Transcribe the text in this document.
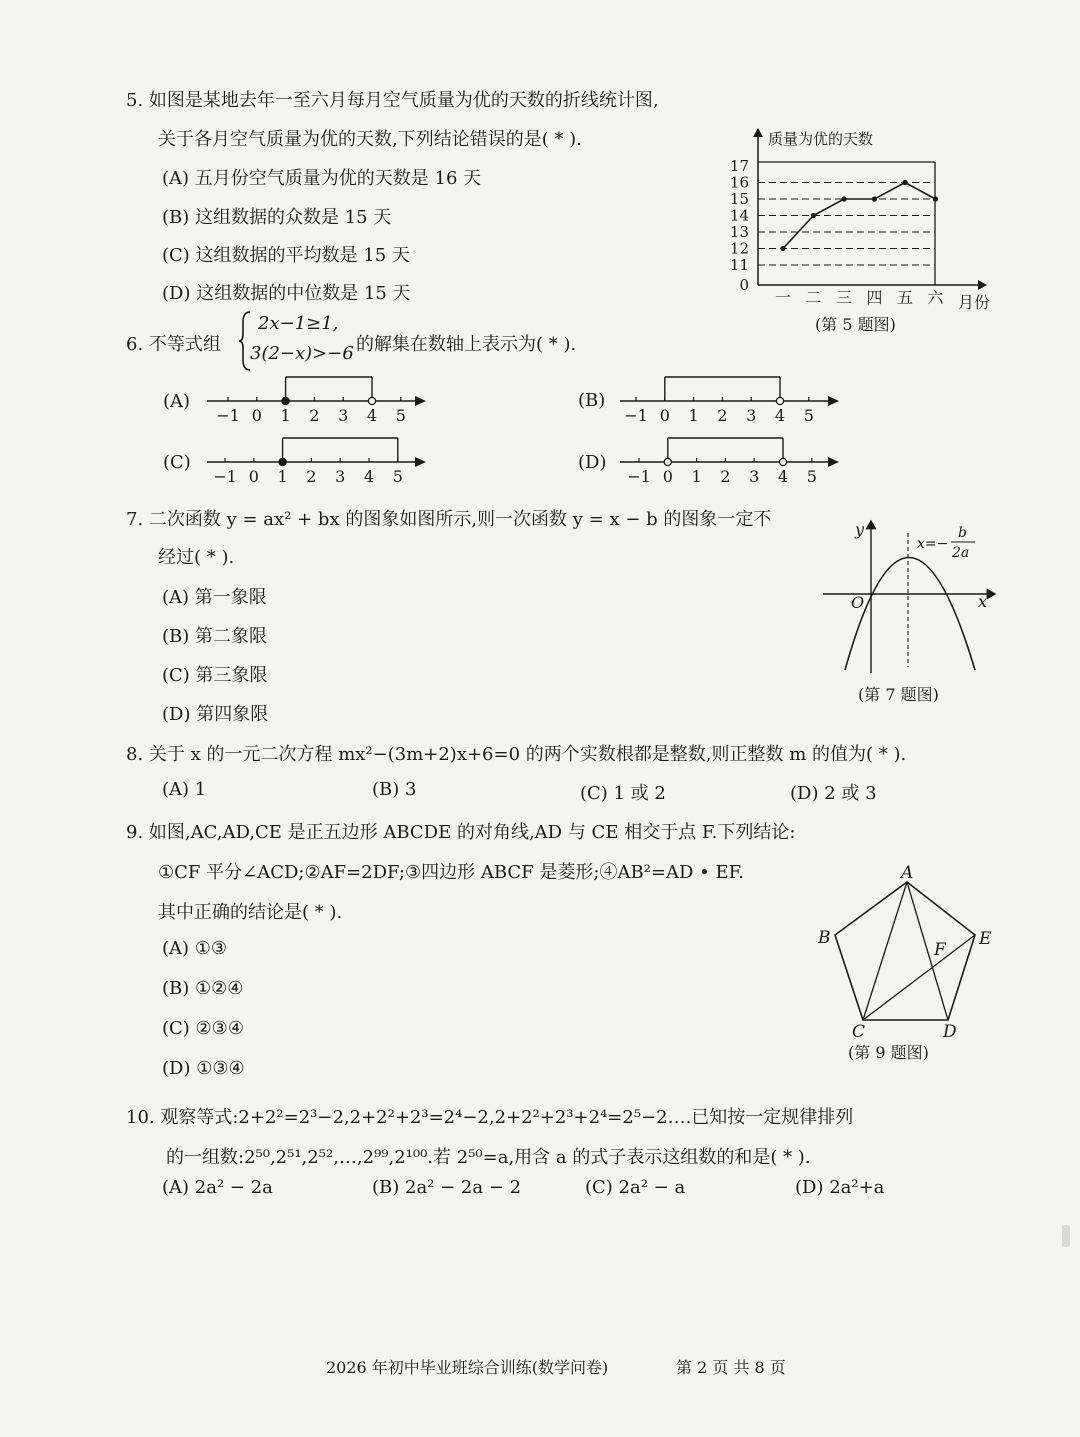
5. 如图是某地去年一至六月每月空气质量为优的天数的折线统计图,
关于各月空气质量为优的天数,下列结论错误的是( * ).
(A) 五月份空气质量为优的天数是 16 天
(B) 这组数据的众数是 15 天
(C) 这组数据的平均数是 15 天
(D) 这组数据的中位数是 15 天	0
11
12
13
14
15
16
17
一 二 三 四 五 六
质量为优的天数
月份
(第 5 题图)
6. 不等式组
2x−1≥1,
3(2−x)>−6 的解集在数轴上表示为( * ).
(A)
−1 0 1 2 3 4 5
(B)
−1 0 1 2 3 4 5
(C)
−1 0 1 2 3 4 5
(D)
−1 0 1 2 3 4 5
7. 二次函数 y = ax² + bx 的图象如图所示,则一次函数 y = x − b 的图象一定不
经过( * ).
(A) 第一象限
(B) 第二象限
(C) 第三象限
(D) 第四象限
x
y
O
x=−
b
2a
(第 7 题图)
8. 关于 x 的一元二次方程 mx²−(3m+2)x+6=0 的两个实数根都是整数,则正整数 m 的值为( * ).
(A) 1	(B) 3	(C) 1 或 2	(D) 2 或 3
9. 如图,AC,AD,CE 是正五边形 ABCDE 的对角线,AD 与 CE 相交于点 F.下列结论:
①CF 平分∠ACD;②AF=2DF;③四边形 ABCF 是菱形;④AB²=AD • EF.
其中正确的结论是( * ).
(A) ①③
(B) ①②④
(C) ②③④
(D) ①③④
A
B
C	D
E
F
(第 9 题图)
10. 观察等式:2+2²=2³−2,2+2²+2³=2⁴−2,2+2²+2³+2⁴=2⁵−2….已知按一定规律排列
的一组数:2⁵⁰,2⁵¹,2⁵²,…,2⁹⁹,2¹⁰⁰.若 2⁵⁰=a,用含 a 的式子表示这组数的和是( * ).
(A) 2a² − 2a	(B) 2a² − 2a − 2	(C) 2a² − a	(D) 2a²+a
2026 年初中毕业班综合训练(数学问卷)	第 2 页 共 8 页
